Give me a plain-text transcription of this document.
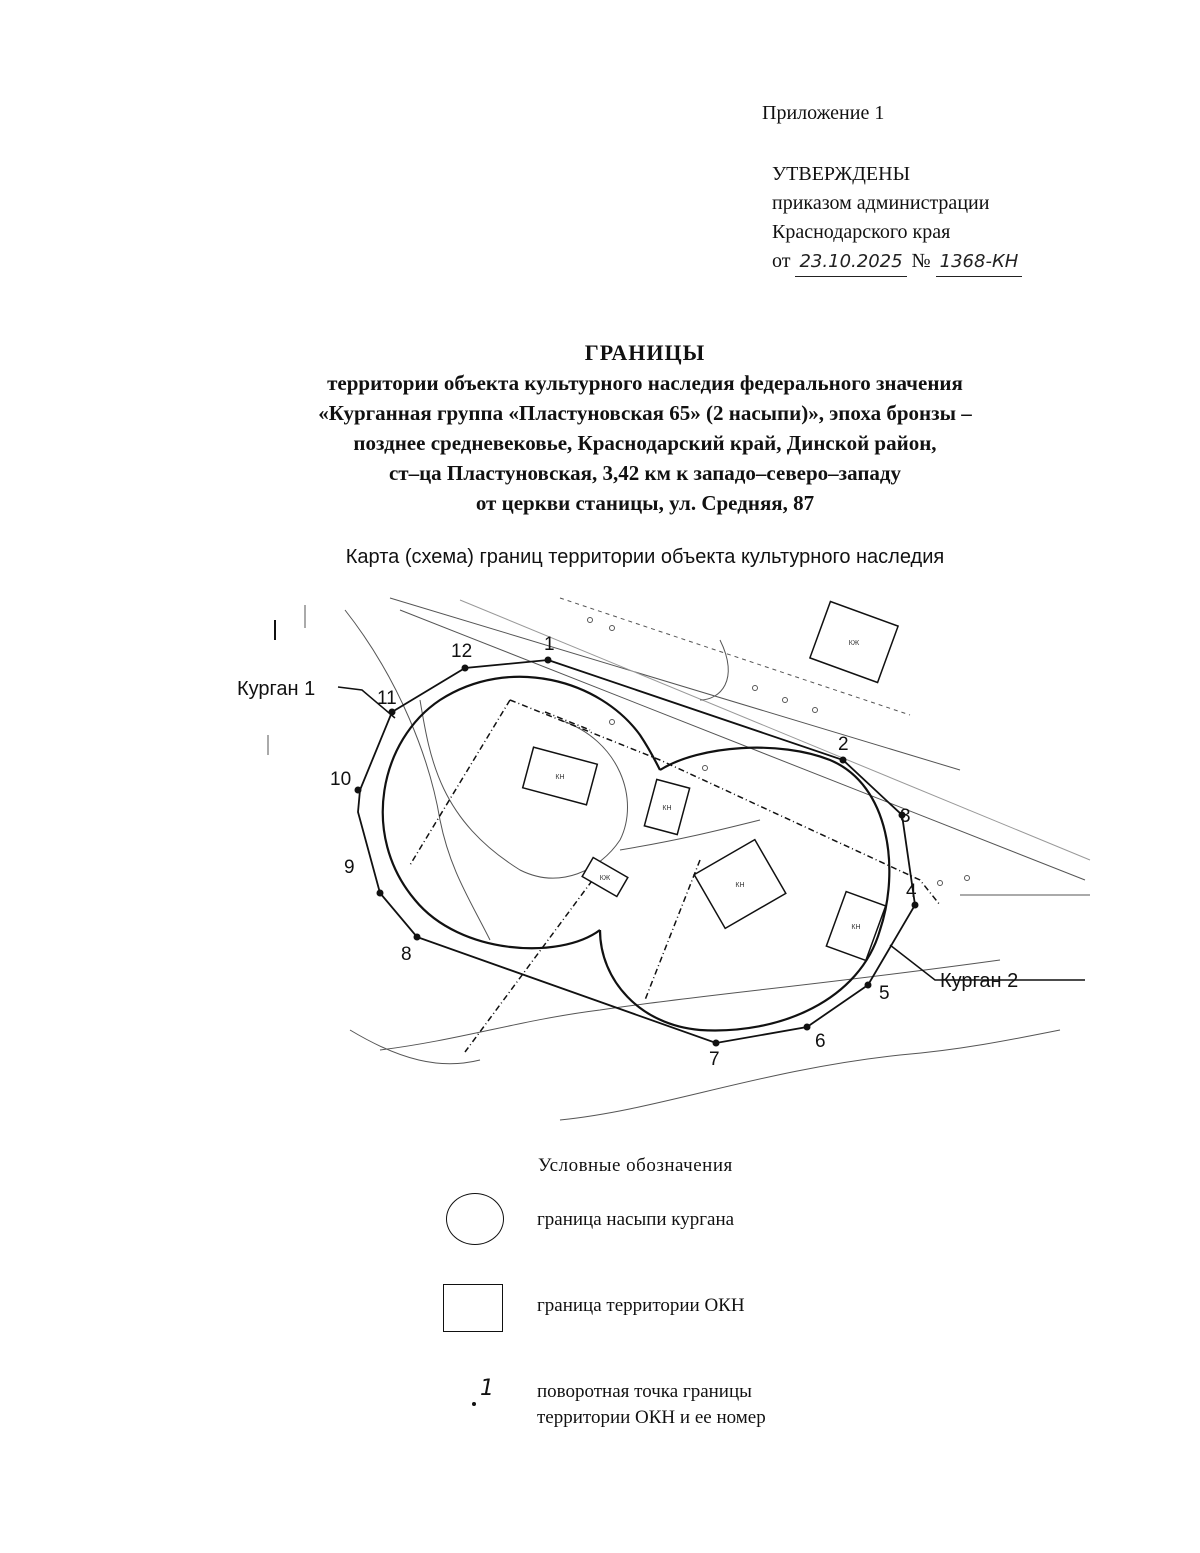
Приложение 1
УТВЕРЖДЕНЫ
приказом администрации
Краснодарского края
от 23.10.2025 № 1368-КН
ГРАНИЦЫ
территории объекта культурного наследия федерального значения
«Курганная группа «Пластуновская 65» (2 насыпи)», эпоха бронзы –
позднее средневековье, Краснодарский край, Динской район,
ст–ца Пластуновская, 3,42 км к западо–северо–западу
от церкви станицы, ул. Средняя, 87
Карта (схема) границ территории объекта культурного наследия
КН
КН
КЖ
КН
КН
КЖ
1
2
3
4
5
6
7
8
9
10
11
12
Курган 1
Курган 2
Условные обозначения
граница насыпи кургана
граница территории ОКН
1 поворотная точка границы
территории ОКН и ее номер
